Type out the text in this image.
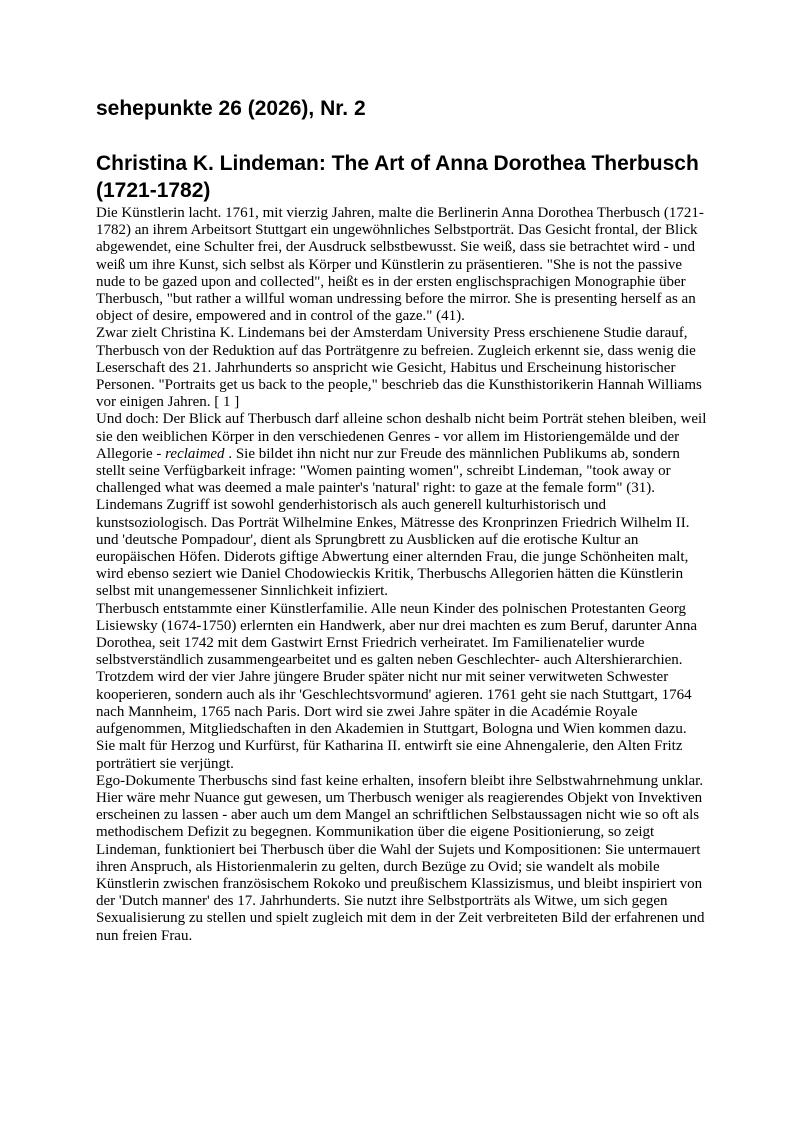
sehepunkte 26 (2026), Nr. 2
Christina K. Lindeman: The Art of Anna Dorothea Therbusch (1721-1782)

Die Künstlerin lacht. 1761, mit vierzig Jahren, malte die Berlinerin Anna Dorothea Therbusch (1721-1782) an ihrem Arbeitsort Stuttgart ein ungewöhnliches Selbstporträt. Das Gesicht frontal, der Blick abgewendet, eine Schulter frei, der Ausdruck selbstbewusst. Sie weiß, dass sie betrachtet wird - und weiß um ihre Kunst, sich selbst als Körper und Künstlerin zu präsentieren. "She is not the passive nude to be gazed upon and collected", heißt es in der ersten englischsprachigen Monographie über Therbusch, "but rather a willful woman undressing before the mirror. She is presenting herself as an object of desire, empowered and in control of the gaze." (41).

Zwar zielt Christina K. Lindemans bei der Amsterdam University Press erschienene Studie darauf, Therbusch von der Reduktion auf das Porträtgenre zu befreien. Zugleich erkennt sie, dass wenig die Leserschaft des 21. Jahrhunderts so anspricht wie Gesicht, Habitus und Erscheinung historischer Personen. "Portraits get us back to the people," beschrieb das die Kunsthistorikerin Hannah Williams vor einigen Jahren. [ 1 ]

Und doch: Der Blick auf Therbusch darf alleine schon deshalb nicht beim Porträt stehen bleiben, weil sie den weiblichen Körper in den verschiedenen Genres - vor allem im Historiengemälde und der Allegorie - reclaimed . Sie bildet ihn nicht nur zur Freude des männlichen Publikums ab, sondern stellt seine Verfügbarkeit infrage: "Women painting women", schreibt Lindeman, "took away or challenged what was deemed a male painter's 'natural' right: to gaze at the female form" (31).

Lindemans Zugriff ist sowohl genderhistorisch als auch generell kulturhistorisch und kunstsoziologisch. Das Porträt Wilhelmine Enkes, Mätresse des Kronprinzen Friedrich Wilhelm II. und 'deutsche Pompadour', dient als Sprungbrett zu Ausblicken auf die erotische Kultur an europäischen Höfen. Diderots giftige Abwertung einer alternden Frau, die junge Schönheiten malt, wird ebenso seziert wie Daniel Chodowieckis Kritik, Therbuschs Allegorien hätten die Künstlerin selbst mit unangemessener Sinnlichkeit infiziert.

Therbusch entstammte einer Künstlerfamilie. Alle neun Kinder des polnischen Protestanten Georg Lisiewsky (1674-1750) erlernten ein Handwerk, aber nur drei machten es zum Beruf, darunter Anna Dorothea, seit 1742 mit dem Gastwirt Ernst Friedrich verheiratet. Im Familienatelier wurde selbstverständlich zusammengearbeitet und es galten neben Geschlechter- auch Altershierarchien. Trotzdem wird der vier Jahre jüngere Bruder später nicht nur mit seiner verwitweten Schwester kooperieren, sondern auch als ihr 'Geschlechtsvormund' agieren. 1761 geht sie nach Stuttgart, 1764 nach Mannheim, 1765 nach Paris. Dort wird sie zwei Jahre später in die Académie Royale aufgenommen, Mitgliedschaften in den Akademien in Stuttgart, Bologna und Wien kommen dazu. Sie malt für Herzog und Kurfürst, für Katharina II. entwirft sie eine Ahnengalerie, den Alten Fritz porträtiert sie verjüngt.

Ego-Dokumente Therbuschs sind fast keine erhalten, insofern bleibt ihre Selbstwahrnehmung unklar. Hier wäre mehr Nuance gut gewesen, um Therbusch weniger als reagierendes Objekt von Invektiven erscheinen zu lassen - aber auch um dem Mangel an schriftlichen Selbstaussagen nicht wie so oft als methodischem Defizit zu begegnen. Kommunikation über die eigene Positionierung, so zeigt Lindeman, funktioniert bei Therbusch über die Wahl der Sujets und Kompositionen: Sie untermauert ihren Anspruch, als Historienmalerin zu gelten, durch Bezüge zu Ovid; sie wandelt als mobile Künstlerin zwischen französischem Rokoko und preußischem Klassizismus, und bleibt inspiriert von der 'Dutch manner' des 17. Jahrhunderts. Sie nutzt ihre Selbstporträts als Witwe, um sich gegen Sexualisierung zu stellen und spielt zugleich mit dem in der Zeit verbreiteten Bild der erfahrenen und nun freien Frau.
